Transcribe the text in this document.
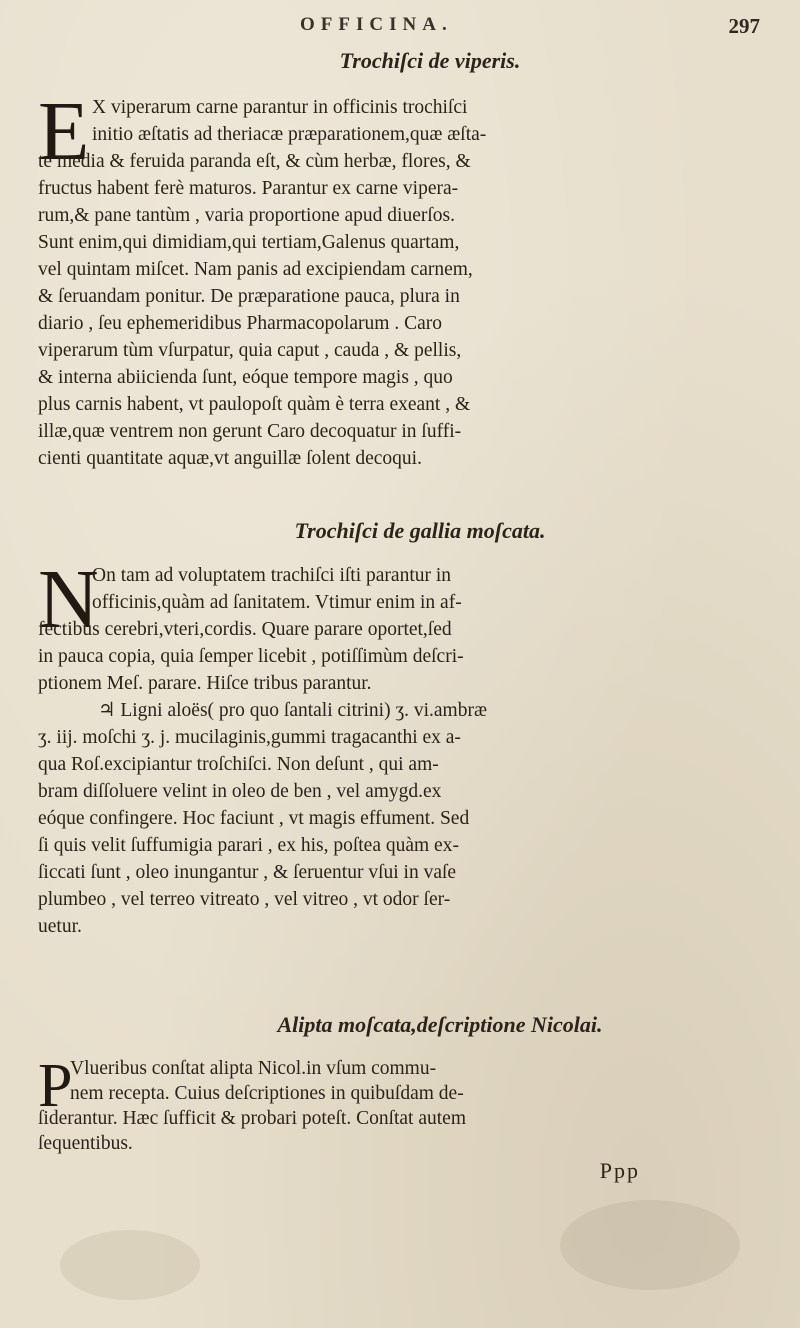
OFFICINA.	297
Trochiſci de viperis.
E X viperarum carne parantur in officinis trochiſci
initio æſtatis ad theriacæ præparationem,quæ æſta-
te media & feruida paranda eſt, & cùm herbæ, flores, &
fructus habent ferè maturos. Parantur ex carne vipera-
rum,& pane tantùm , varia proportione apud diuerſos.
Sunt enim,qui dimidiam,qui tertiam,Galenus quartam,
vel quintam miſcet. Nam panis ad excipiendam carnem,
& ſeruandam ponitur. De præparatione pauca, plura in
diario , ſeu ephemeridibus Pharmacopolarum . Caro
viperarum tùm vſurpatur, quia caput , cauda , & pellis,
& interna abiicienda ſunt, eóque tempore magis , quo
plus carnis habent, vt paulopoſt quàm è terra exeant , &
illæ,quæ ventrem non gerunt Caro decoquatur in ſuffi-
cienti quantitate aquæ,vt anguillæ ſolent decoqui.
Trochiſci de gallia moſcata.
N
On tam ad voluptatem trachiſci iſti parantur in
officinis,quàm ad ſanitatem. Vtimur enim in af-
fectibus cerebri,vteri,cordis. Quare parare oportet,ſed
in pauca copia, quia ſemper licebit , potiſſimùm deſcri-
ptionem Meſ. parare. Hiſce tribus parantur.
♃ Ligni aloës( pro quo ſantali citrini) ʒ. vi.ambræ
ʒ. iij. moſchi ʒ. j. mucilaginis,gummi tragacanthi ex a-
qua Roſ.excipiantur troſchiſci. Non deſunt , qui am-
bram diſſoluere velint in oleo de ben , vel amygd.ex
eóque confingere. Hoc faciunt , vt magis effument. Sed
ſi quis velit ſuffumigia parari , ex his, poſtea quàm ex-
ſiccati ſunt , oleo inungantur , & ſeruentur vſui in vaſe
plumbeo , vel terreo vitreato , vel vitreo , vt odor ſer-
uetur.
Alipta moſcata,deſcriptione Nicolai.
P
Vlueribus conſtat alipta Nicol.in vſum commu-
nem recepta. Cuius deſcriptiones in quibuſdam de-
ſiderantur. Hæc ſufficit & probari poteſt. Conſtat autem
ſequentibus.
Ppp
